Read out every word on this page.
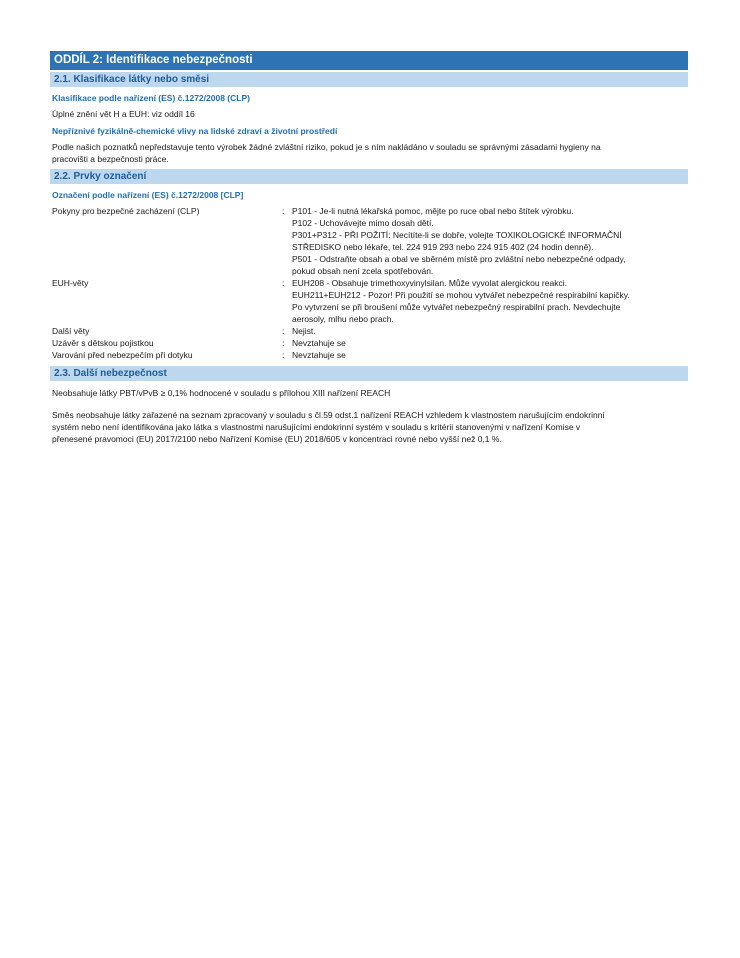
ODDÍL 2: Identifikace nebezpečnosti
2.1. Klasifikace látky nebo směsi
Klasifikace podle nařízení (ES) č.1272/2008 (CLP)
Úplné znění vět H a EUH: viz oddíl 16
Nepříznivé fyzikálně-chemické vlivy na lidské zdraví a životní prostředí
Podle našich poznatků nepředstavuje tento výrobek žádné zvláštní riziko, pokud je s ním nakládáno v souladu se správnými zásadami hygieny na
pracovišti a bezpečnosti práce.
2.2. Prvky označení
Označení podle nařízení (ES) č.1272/2008 [CLP]
Pokyny pro bezpečné zacházení (CLP)	: P101 - Je-li nutná lékařská pomoc, mějte po ruce obal nebo štítek výrobku.
P102 - Uchovávejte mimo dosah dětí.
P301+P312 - PŘI POŽITÍ: Necítíte-li se dobře, volejte TOXIKOLOGICKÉ INFORMAČNÍ
STŘEDISKO nebo lékaře, tel. 224 919 293 nebo 224 915 402 (24 hodin denně).
P501 - Odstraňte obsah a obal ve sběrném místě pro zvláštní nebo nebezpečné odpady,
pokud obsah není zcela spotřebován.
EUH-věty	: EUH208 - Obsahuje trimethoxyvinylsilan. Může vyvolat alergickou reakci.
EUH211+EUH212 - Pozor! Při použití se mohou vytvářet nebezpečné respirabilní kapičky.
Po vytvrzení se při broušení může vytvářet nebezpečný respirabilní prach. Nevdechujte
aerosoly, mlhu nebo prach.
Další věty	: Nejist.
Uzávěr s dětskou pojistkou	: Nevztahuje se
Varování před nebezpečím při dotyku	: Nevztahuje se
2.3. Další nebezpečnost
Neobsahuje látky PBT/vPvB ≥ 0,1% hodnocené v souladu s přílohou XIII nařízení REACH
Směs neobsahuje látky zařazené na seznam zpracovaný v souladu s čl.59 odst.1 nařízení REACH vzhledem k vlastnostem narušujícím endokrinní
systém nebo není identifikována jako látka s vlastnostmi narušujícími endokrinní systém v souladu s kritérii stanovenými v nařízení Komise v
přenesené pravomoci (EU) 2017/2100 nebo Nařízení Komise (EU) 2018/605 v koncentraci rovné nebo vyšší než 0,1 %.
